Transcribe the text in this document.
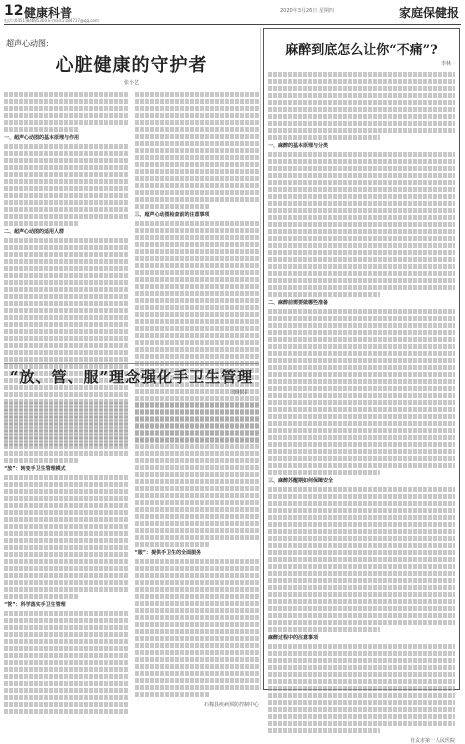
12 健康科普
电话:(0451)84685300 E-mail:2184717@qq.com
2020年3月26日 星期四	家庭保健报
超声心动图:
心脏健康的守护者
张小艺
一、超声心动图的基本原理与作用
二、超声心动图的适用人群
三、超声心动图检查前的注意事项
“放、管、服”理念强化手卫生管理
李桂芬
“放”：转变手卫生管理模式
“管”：科学落实手卫生管理
“服”：提供手卫生的全面服务
石棉县疾病预防控制中心
麻醉到底怎么让你“不痛”?
李林
一、麻醉的基本原理与分类
二、麻醉前需要做哪些准备
三、麻醉苏醒期如何保障安全
麻醉过程中的注意事项
自贡市第一人民医院
